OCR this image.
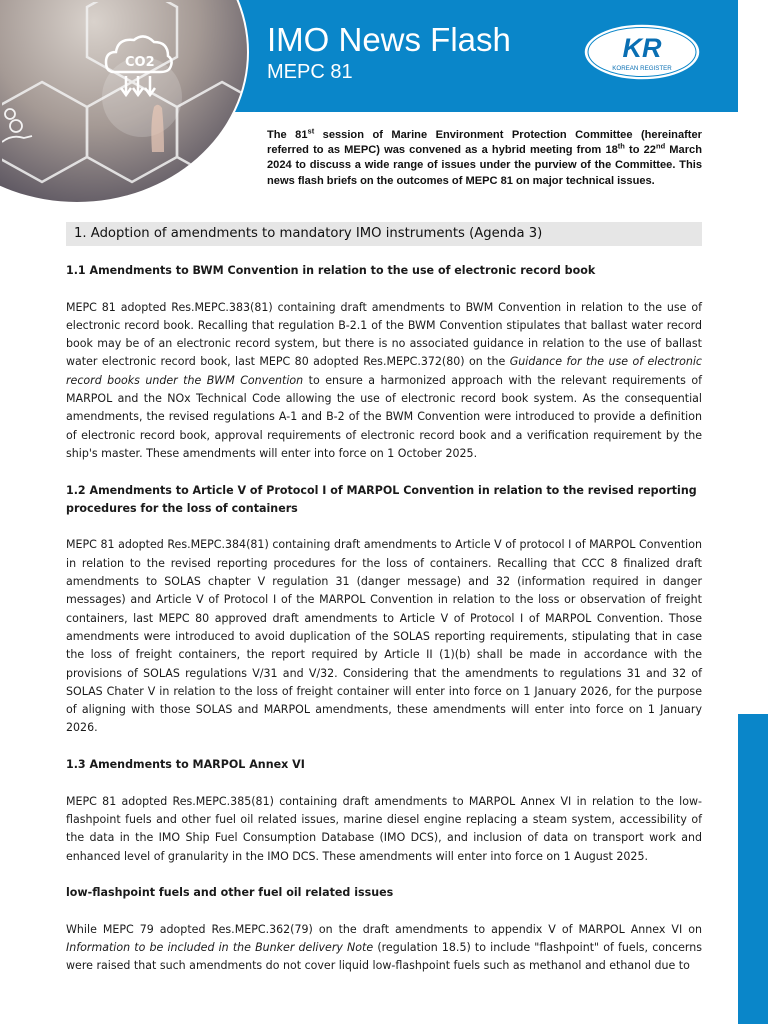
CO2
IMO News Flash
MEPC 81
KR
KOREAN REGISTER
The 81st session of Marine Environment Protection Committee (hereinafter referred to as MEPC) was convened as a hybrid meeting from 18th to 22nd March 2024 to discuss a wide range of issues under the purview of the Committee. This news flash briefs on the outcomes of MEPC 81 on major technical issues.
1. Adoption of amendments to mandatory IMO instruments (Agenda 3)
1.1 Amendments to BWM Convention in relation to the use of electronic record book

MEPC 81 adopted Res.MEPC.383(81) containing draft amendments to BWM Convention in relation to the use of electronic record book. Recalling that regulation B-2.1 of the BWM Convention stipulates that ballast water record book may be of an electronic record system, but there is no associated guidance in relation to the use of ballast water electronic record book, last MEPC 80 adopted Res.MEPC.372(80) on the Guidance for the use of electronic record books under the BWM Convention to ensure a harmonized approach with the relevant requirements of MARPOL and the NOx Technical Code allowing the use of electronic record book system. As the consequential amendments, the revised regulations A-1 and B-2 of the BWM Convention were introduced to provide a definition of electronic record book, approval requirements of electronic record book and a verification requirement by the ship's master. These amendments will enter into force on 1 October 2025.

1.2 Amendments to Article V of Protocol I of MARPOL Convention in relation to the revised reporting procedures for the loss of containers

MEPC 81 adopted Res.MEPC.384(81) containing draft amendments to Article V of protocol I of MARPOL Convention in relation to the revised reporting procedures for the loss of containers. Recalling that CCC 8 finalized draft amendments to SOLAS chapter V regulation 31 (danger message) and 32 (information required in danger messages) and Article V of Protocol I of the MARPOL Convention in relation to the loss or observation of freight containers, last MEPC 80 approved draft amendments to Article V of Protocol I of MARPOL Convention. Those amendments were introduced to avoid duplication of the SOLAS reporting requirements, stipulating that in case the loss of freight containers, the report required by Article II (1)(b) shall be made in accordance with the provisions of SOLAS regulations V/31 and V/32. Considering that the amendments to regulations 31 and 32 of SOLAS Chater V in relation to the loss of freight container will enter into force on 1 January 2026, for the purpose of aligning with those SOLAS and MARPOL amendments, these amendments will enter into force on 1 January 2026.

1.3 Amendments to MARPOL Annex VI

MEPC 81 adopted Res.MEPC.385(81) containing draft amendments to MARPOL Annex VI in relation to the low-flashpoint fuels and other fuel oil related issues, marine diesel engine replacing a steam system, accessibility of the data in the IMO Ship Fuel Consumption Database (IMO DCS), and inclusion of data on transport work and enhanced level of granularity in the IMO DCS. These amendments will enter into force on 1 August 2025.

low-flashpoint fuels and other fuel oil related issues

While MEPC 79 adopted Res.MEPC.362(79) on the draft amendments to appendix V of MARPOL Annex VI on Information to be included in the Bunker delivery Note (regulation 18.5) to include "flashpoint" of fuels, concerns were raised that such amendments do not cover liquid low-flashpoint fuels such as methanol and ethanol due to
